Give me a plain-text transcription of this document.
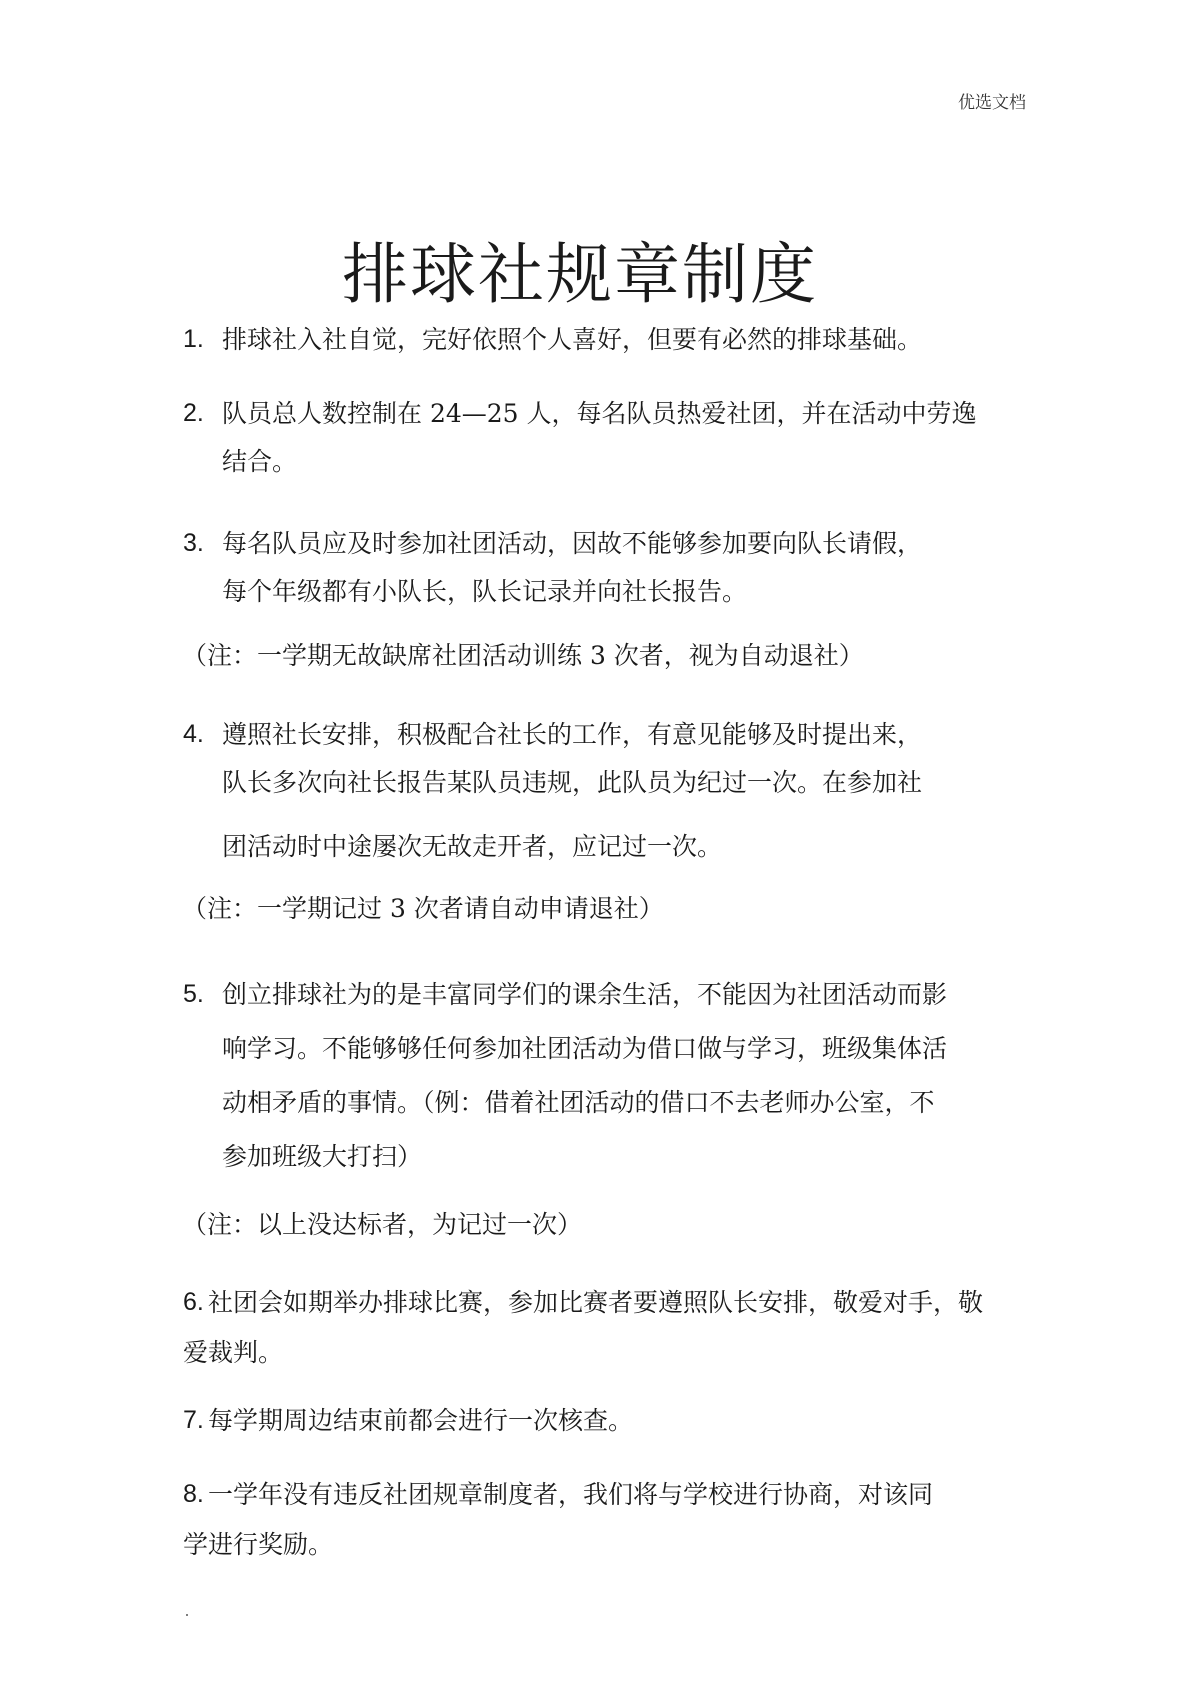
优选文档
排球社规章制度
1. 排球社入社自觉，完好依照个人喜好，但要有必然的排球基础。
2. 队员总人数控制在 24—25 人，每名队员热爱社团，并在活动中劳逸
结合。
3. 每名队员应及时参加社团活动，因故不能够参加要向队长请假，
每个年级都有小队长，队长记录并向社长报告。
（注：一学期无故缺席社团活动训练 3 次者，视为自动退社）
4. 遵照社长安排，积极配合社长的工作，有意见能够及时提出来，
队长多次向社长报告某队员违规，此队员为纪过一次。在参加社
团活动时中途屡次无故走开者，应记过一次。
（注：一学期记过 3 次者请自动申请退社）
5. 创立排球社为的是丰富同学们的课余生活，不能因为社团活动而影
响学习。不能够够任何参加社团活动为借口做与学习，班级集体活
动相矛盾的事情。（例：借着社团活动的借口不去老师办公室，不
参加班级大打扫）
（注：以上没达标者，为记过一次）
6. 社团会如期举办排球比赛，参加比赛者要遵照队长安排，敬爱对手，敬
爱裁判。
7. 每学期周边结束前都会进行一次核查。
8. 一学年没有违反社团规章制度者，我们将与学校进行协商，对该同
学进行奖励。
